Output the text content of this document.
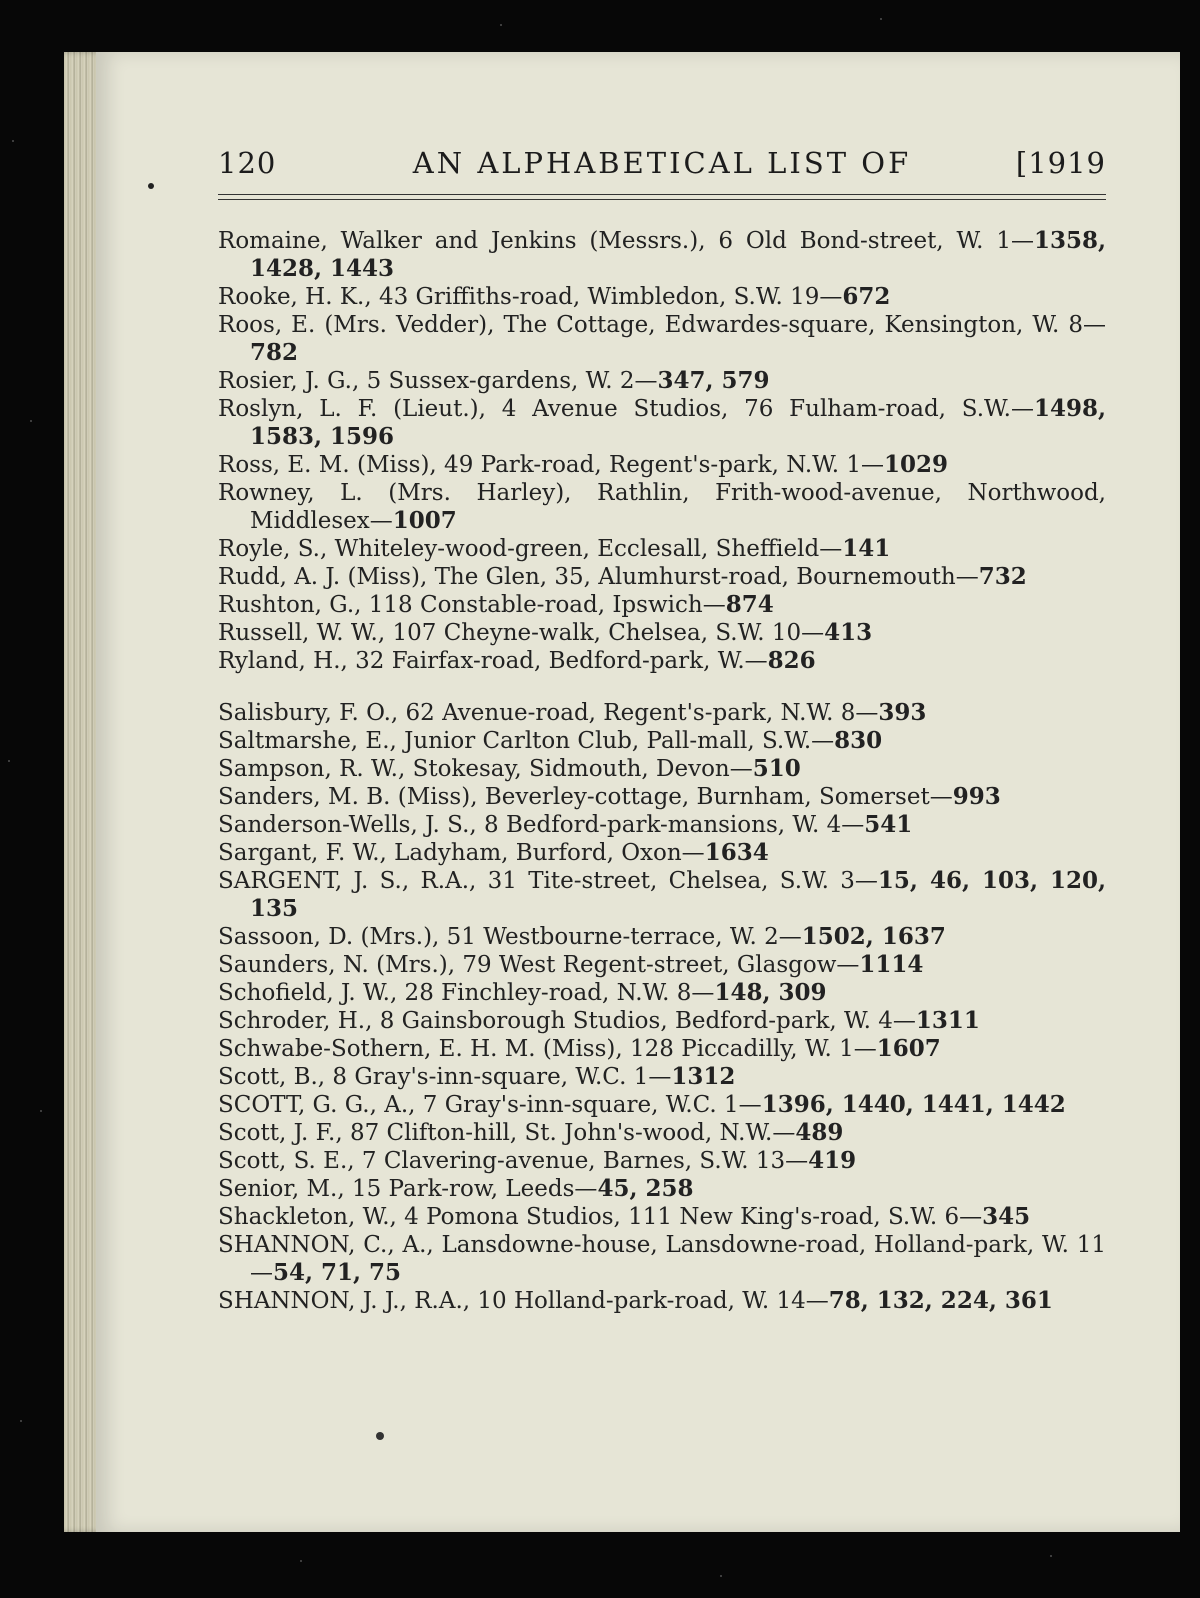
120	AN ALPHABETICAL LIST OF	[1919
Romaine, Walker and Jenkins (Messrs.), 6 Old Bond-street, W. 1—1358, 1428, 1443
Rooke, H. K., 43 Griffiths-road, Wimbledon, S.W. 19—672
Roos, E. (Mrs. Vedder), The Cottage, Edwardes-square, Kensington, W. 8—782
Rosier, J. G., 5 Sussex-gardens, W. 2—347, 579
Roslyn, L. F. (Lieut.), 4 Avenue Studios, 76 Fulham-road, S.W.—1498, 1583, 1596
Ross, E. M. (Miss), 49 Park-road, Regent's-park, N.W. 1—1029
Rowney, L. (Mrs. Harley), Rathlin, Frith-wood-avenue, Northwood, Middlesex—1007
Royle, S., Whiteley-wood-green, Ecclesall, Sheffield—141
Rudd, A. J. (Miss), The Glen, 35, Alumhurst-road, Bournemouth—732
Rushton, G., 118 Constable-road, Ipswich—874
Russell, W. W., 107 Cheyne-walk, Chelsea, S.W. 10—413
Ryland, H., 32 Fairfax-road, Bedford-park, W.—826
Salisbury, F. O., 62 Avenue-road, Regent's-park, N.W. 8—393
Saltmarshe, E., Junior Carlton Club, Pall-mall, S.W.—830
Sampson, R. W., Stokesay, Sidmouth, Devon—510
Sanders, M. B. (Miss), Beverley-cottage, Burnham, Somerset—993
Sanderson-Wells, J. S., 8 Bedford-park-mansions, W. 4—541
Sargant, F. W., Ladyham, Burford, Oxon—1634
SARGENT, J. S., R.A., 31 Tite-street, Chelsea, S.W. 3—15, 46, 103, 120, 135
Sassoon, D. (Mrs.), 51 Westbourne-terrace, W. 2—1502, 1637
Saunders, N. (Mrs.), 79 West Regent-street, Glasgow—1114
Schofield, J. W., 28 Finchley-road, N.W. 8—148, 309
Schroder, H., 8 Gainsborough Studios, Bedford-park, W. 4—1311
Schwabe-Sothern, E. H. M. (Miss), 128 Piccadilly, W. 1—1607
Scott, B., 8 Gray's-inn-square, W.C. 1—1312
SCOTT, G. G., A., 7 Gray's-inn-square, W.C. 1—1396, 1440, 1441, 1442
Scott, J. F., 87 Clifton-hill, St. John's-wood, N.W.—489
Scott, S. E., 7 Clavering-avenue, Barnes, S.W. 13—419
Senior, M., 15 Park-row, Leeds—45, 258
Shackleton, W., 4 Pomona Studios, 111 New King's-road, S.W. 6—345
SHANNON, C., A., Lansdowne-house, Lansdowne-road, Holland-park, W. 11—54, 71, 75
SHANNON, J. J., R.A., 10 Holland-park-road, W. 14—78, 132, 224, 361
